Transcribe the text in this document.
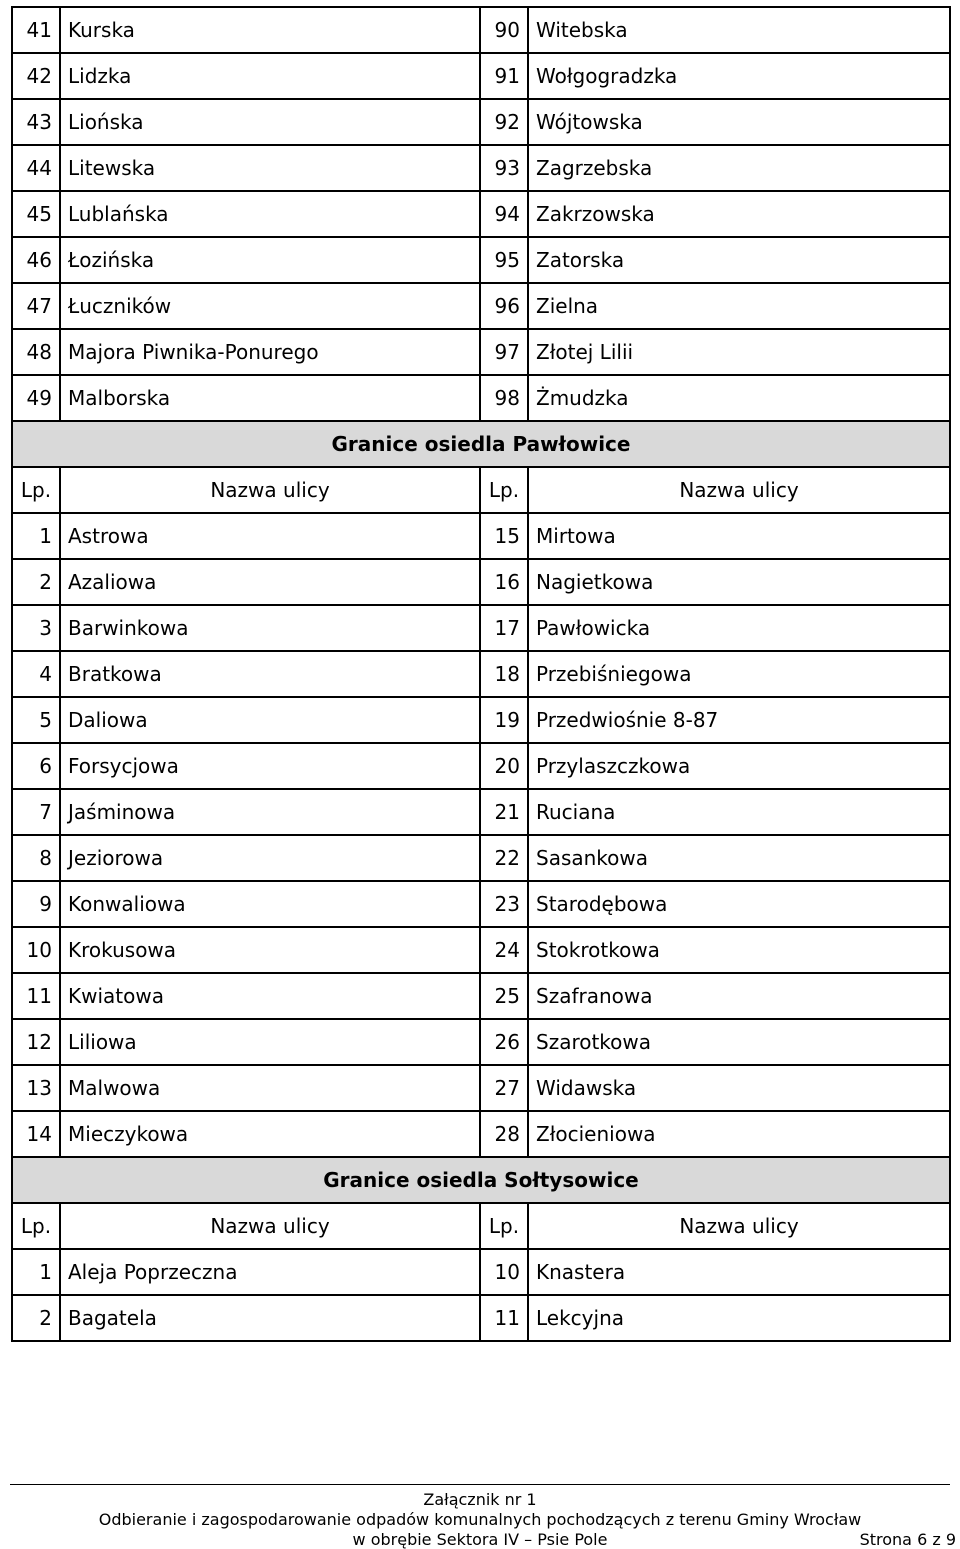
41	Kurska	90	Witebska
42	Lidzka	91	Wołgogradzka
43	Liońska	92	Wójtowska
44	Litewska	93	Zagrzebska
45	Lublańska	94	Zakrzowska
46	Łozińska	95	Zatorska
47	Łuczników	96	Zielna
48	Majora Piwnika-Ponurego	97	Złotej Lilii
49	Malborska	98	Żmudzka
Granice osiedla Pawłowice			
Lp.	Nazwa ulicy	Lp.	Nazwa ulicy
1	Astrowa	15	Mirtowa
2	Azaliowa	16	Nagietkowa
3	Barwinkowa	17	Pawłowicka
4	Bratkowa	18	Przebiśniegowa
5	Daliowa	19	Przedwiośnie 8-87
6	Forsycjowa	20	Przylaszczkowa
7	Jaśminowa	21	Ruciana
8	Jeziorowa	22	Sasankowa
9	Konwaliowa	23	Starodębowa
10	Krokusowa	24	Stokrotkowa
11	Kwiatowa	25	Szafranowa
12	Liliowa	26	Szarotkowa
13	Malwowa	27	Widawska
14	Mieczykowa	28	Złocieniowa
Granice osiedla Sołtysowice			
Lp.	Nazwa ulicy	Lp.	Nazwa ulicy
1	Aleja Poprzeczna	10	Knastera
2	Bagatela	11	Lekcyjna
Załącznik nr 1
Odbieranie i zagospodarowanie odpadów komunalnych pochodzących z terenu Gminy Wrocław
w obrębie Sektora IV – Psie Pole	Strona 6 z 9
